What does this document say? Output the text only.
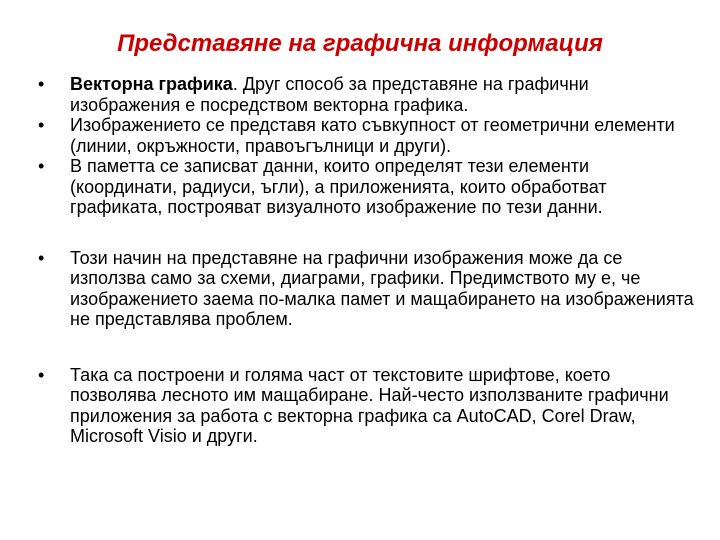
Представяне на графична информация
• Векторна графика. Друг способ за представяне на графични изображения е посредством векторна графика.
• Изображението се представя като съвкупност от геометрични елементи (линии, окръжности, правоъгълници и други).
• В паметта се записват данни, които определят тези елементи (координати, радиуси, ъгли), а приложенията, които обработват графиката, построяват визуалното изображение по тези данни.
• Този начин на представяне на графични изображения може да се използва само за схеми, диаграми, графики. Предимството му е, че изображението заема по-малка памет и мащабирането на изображенията не представлява проблем.
• Така са построени и голяма част от текстовите шрифтове, което позволява лесното им мащабиране. Най-често използваните графични приложения за работа с векторна графика са AutoCAD, Corel Draw, Microsoft Visio и други.
